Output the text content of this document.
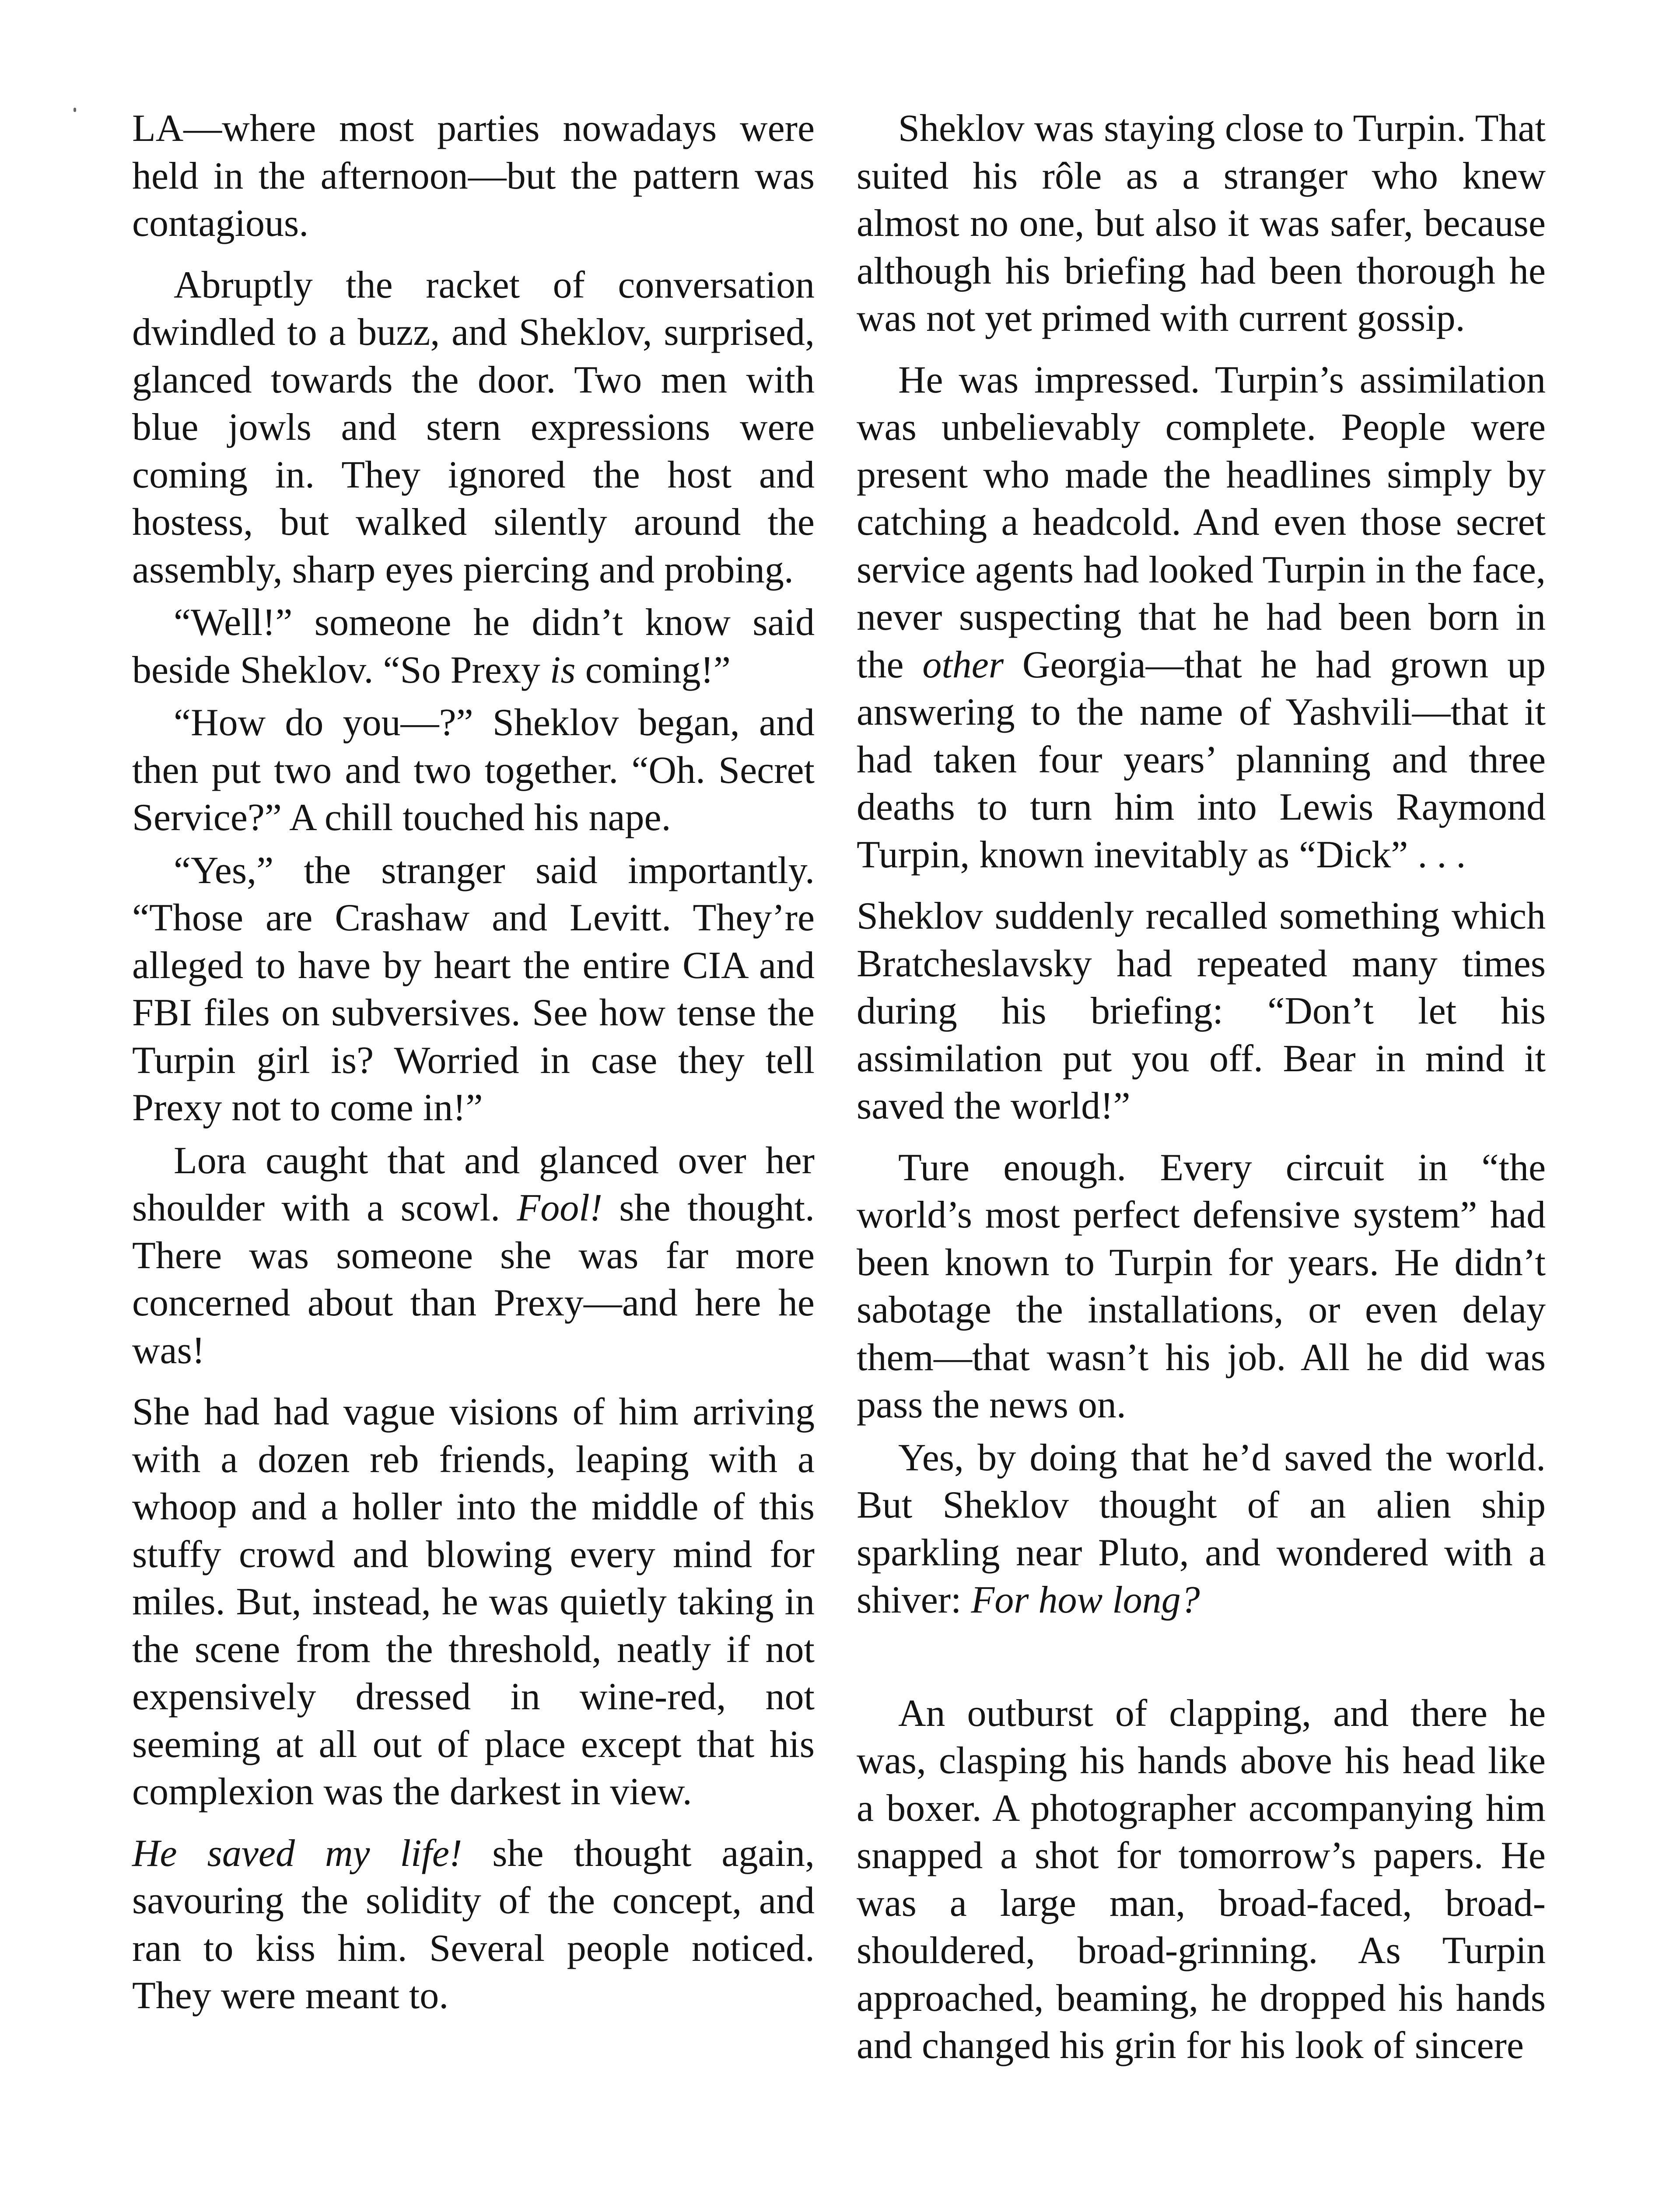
LA—where most parties nowadays were held in the afternoon—but the pattern was contagious.

Abruptly the racket of conversation dwindled to a buzz, and Sheklov, surprised, glanced towards the door. Two men with blue jowls and stern expressions were coming in. They ignored the host and hostess, but walked silently around the assembly, sharp eyes piercing and probing.

“Well!” someone he didn’t know said beside Sheklov. “So Prexy is coming!”

“How do you—?” Sheklov began, and then put two and two together. “Oh. Secret Service?” A chill touched his nape.

“Yes,” the stranger said importantly. “Those are Crashaw and Levitt. They’re alleged to have by heart the entire CIA and FBI files on subversives. See how tense the Turpin girl is? Worried in case they tell Prexy not to come in!”

Lora caught that and glanced over her shoulder with a scowl. Fool! she thought. There was someone she was far more concerned about than Prexy—and here he was!

She had had vague visions of him arriving with a dozen reb friends, leaping with a whoop and a holler into the middle of this stuffy crowd and blowing every mind for miles. But, instead, he was quietly taking in the scene from the threshold, neatly if not expensively dressed in wine-red, not seeming at all out of place except that his complexion was the darkest in view.

He saved my life! she thought again, savouring the solidity of the concept, and ran to kiss him. Several people noticed. They were meant to.

Sheklov was staying close to Turpin. That suited his rôle as a stranger who knew almost no one, but also it was safer, because although his briefing had been thorough he was not yet primed with current gossip.

He was impressed. Turpin’s assimilation was unbelievably complete. People were present who made the headlines simply by catching a headcold. And even those secret service agents had looked Turpin in the face, never suspecting that he had been born in the other Georgia—that he had grown up answering to the name of Yashvili—that it had taken four years’ planning and three deaths to turn him into Lewis Raymond Turpin, known inevitably as “Dick” . . .

Sheklov suddenly recalled something which Bratcheslavsky had repeated many times during his briefing: “Don’t let his assimilation put you off. Bear in mind it saved the world!”

Ture enough. Every circuit in “the world’s most perfect defensive system” had been known to Turpin for years. He didn’t sabotage the installations, or even delay them—that wasn’t his job. All he did was pass the news on.

Yes, by doing that he’d saved the world. But Sheklov thought of an alien ship sparkling near Pluto, and wondered with a shiver: For how long?

An outburst of clapping, and there he was, clasping his hands above his head like a boxer. A photographer accompanying him snapped a shot for tomorrow’s papers. He was a large man, broad-faced, broad-shouldered, broad-grinning. As Turpin approached, beaming, he dropped his hands and changed his grin for his look of sincere
